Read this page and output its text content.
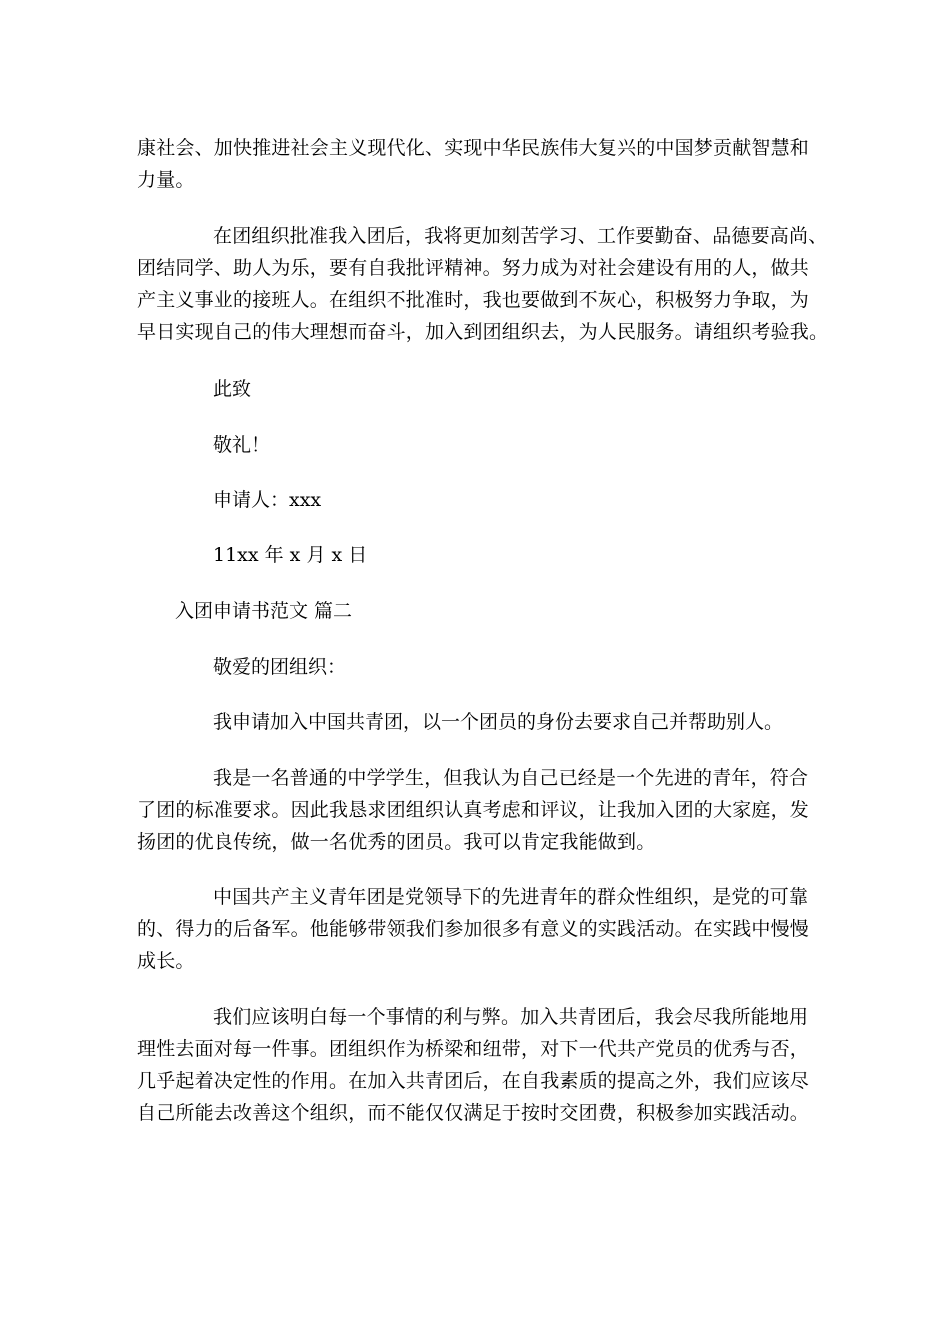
康社会、加快推进社会主义现代化、实现中华民族伟大复兴的中国梦贡献智慧和
力量。
在团组织批准我入团后，我将更加刻苦学习、工作要勤奋、品德要高尚、
团结同学、助人为乐，要有自我批评精神。努力成为对社会建设有用的人，做共
产主义事业的接班人。在组织不批准时，我也要做到不灰心，积极努力争取，为
早日实现自己的伟大理想而奋斗，加入到团组织去，为人民服务。请组织考验我。

此致

敬礼！

申请人：xxx

11xx 年 x 月 x 日

入团申请书范文 篇二

敬爱的团组织：

我申请加入中国共青团，以一个团员的身份去要求自己并帮助别人。

我是一名普通的中学学生，但我认为自己已经是一个先进的青年，符合
了团的标准要求。因此我恳求团组织认真考虑和评议，让我加入团的大家庭，发
扬团的优良传统，做一名优秀的团员。我可以肯定我能做到。
中国共产主义青年团是党领导下的先进青年的群众性组织，是党的可靠
的、得力的后备军。他能够带领我们参加很多有意义的实践活动。在实践中慢慢
成长。
我们应该明白每一个事情的利与弊。加入共青团后，我会尽我所能地用
理性去面对每一件事。团组织作为桥梁和纽带，对下一代共产党员的优秀与否，
几乎起着决定性的作用。在加入共青团后，在自我素质的提高之外，我们应该尽
自己所能去改善这个组织，而不能仅仅满足于按时交团费，积极参加实践活动。
